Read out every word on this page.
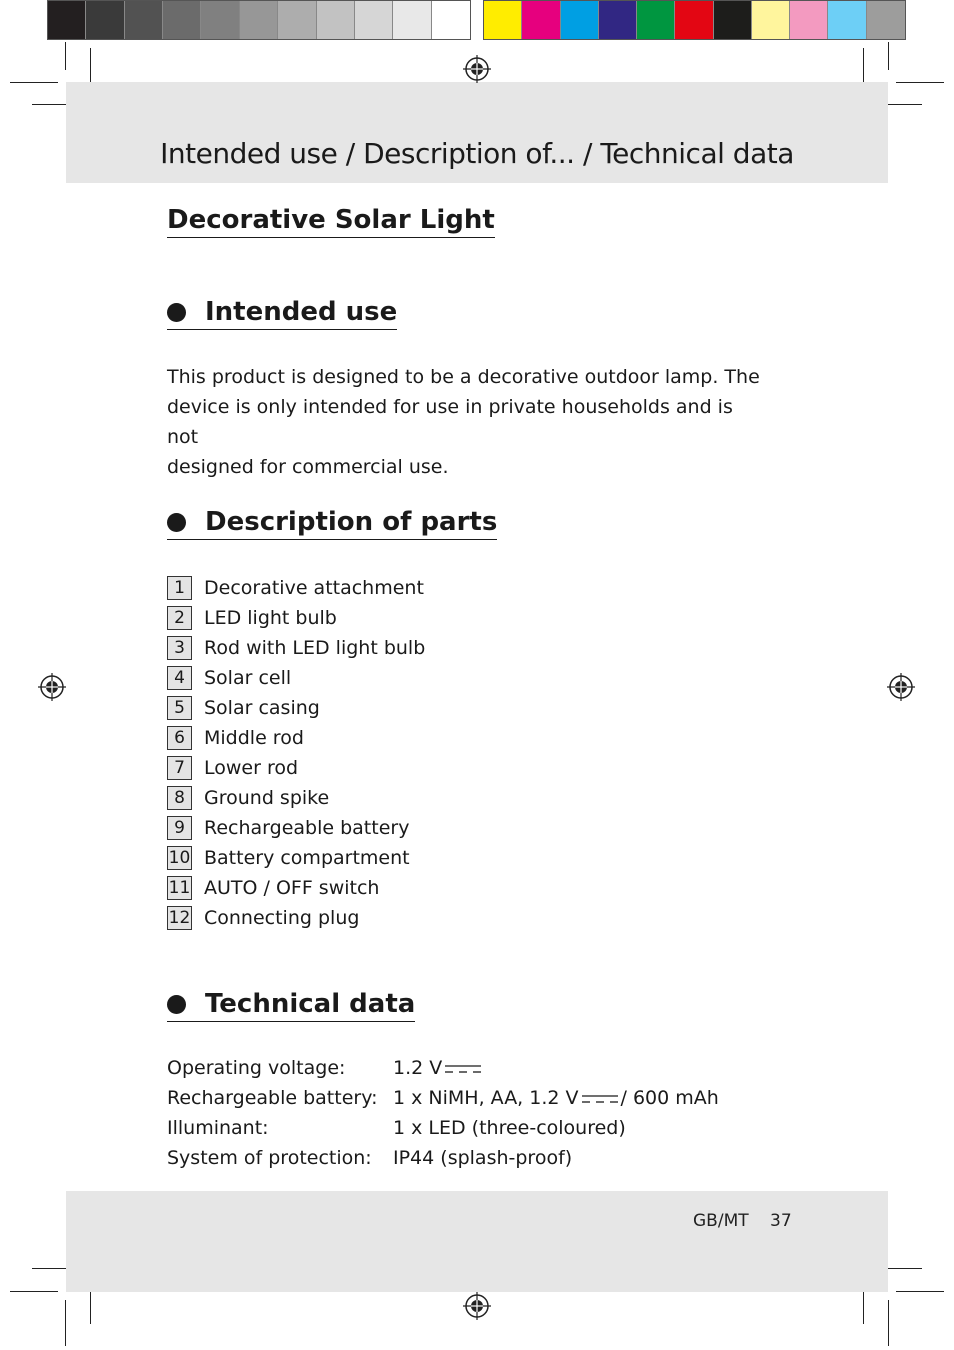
Intended use / Description of... / Technical data
Decorative Solar Light
Intended use

This product is designed to be a decorative outdoor lamp. The
device is only intended for use in private households and is not
designed for commercial use.

Description of parts
1	Decorative attachment
2	LED light bulb
3	Rod with LED light bulb
4	Solar cell
5	Solar casing
6	Middle rod
7	Lower rod
8	Ground spike
9	Rechargeable battery
10 Battery compartment
11 AUTO / OFF switch
12 Connecting plug
Technical data
Operating voltage:	1.2 V
Rechargeable battery: 1 x NiMH, AA, 1.2 V / 600 mAh
Illuminant:	1 x LED (three-coloured)
System of protection:	IP44 (splash-proof)
GB/MT 37
